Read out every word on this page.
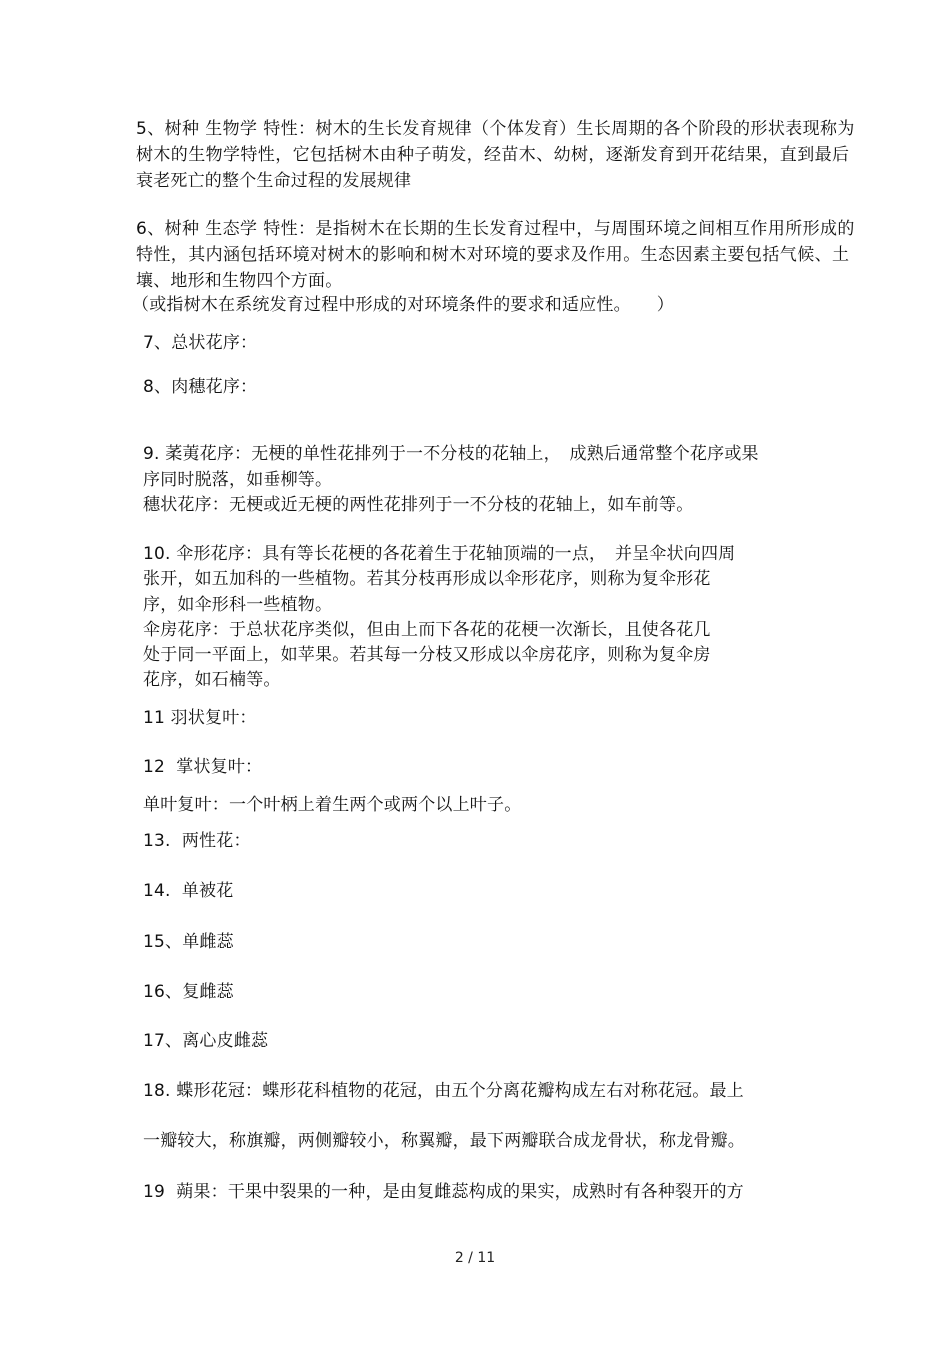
5、树种 生物学 特性：树木的生长发育规律（个体发育）生长周期的各个阶段的形状表现称为
树木的生物学特性，它包括树木由种子萌发，经苗木、幼树，逐渐发育到开花结果，直到最后
衰老死亡的整个生命过程的发展规律
6、树种 生态学 特性：是指树木在长期的生长发育过程中，与周围环境之间相互作用所形成的
特性，其内涵包括环境对树木的影响和树木对环境的要求及作用。生态因素主要包括气候、土
壤、地形和生物四个方面。
（或指树木在系统发育过程中形成的对环境条件的要求和适应性。　　）
7、总状花序：
8、肉穗花序：
9. 葇荑花序：无梗的单性花排列于一不分枝的花轴上，　成熟后通常整个花序或果
序同时脱落，如垂柳等。
穗状花序：无梗或近无梗的两性花排列于一不分枝的花轴上，如车前等。
10. 伞形花序：具有等长花梗的各花着生于花轴顶端的一点，　并呈伞状向四周
张开，如五加科的一些植物。若其分枝再形成以伞形花序，则称为复伞形花
序，如伞形科一些植物。
伞房花序：于总状花序类似，但由上而下各花的花梗一次渐长，且使各花几
处于同一平面上，如苹果。若其每一分枝又形成以伞房花序，则称为复伞房
花序，如石楠等。
11 羽状复叶：
12  掌状复叶：
单叶复叶：一个叶柄上着生两个或两个以上叶子。
13.  两性花：
14.  单被花
15、单雌蕊
16、复雌蕊
17、离心皮雌蕊
18. 蝶形花冠：蝶形花科植物的花冠，由五个分离花瓣构成左右对称花冠。最上
一瓣较大，称旗瓣，两侧瓣较小，称翼瓣，最下两瓣联合成龙骨状，称龙骨瓣。
19  蒴果：干果中裂果的一种，是由复雌蕊构成的果实，成熟时有各种裂开的方
2 / 11
